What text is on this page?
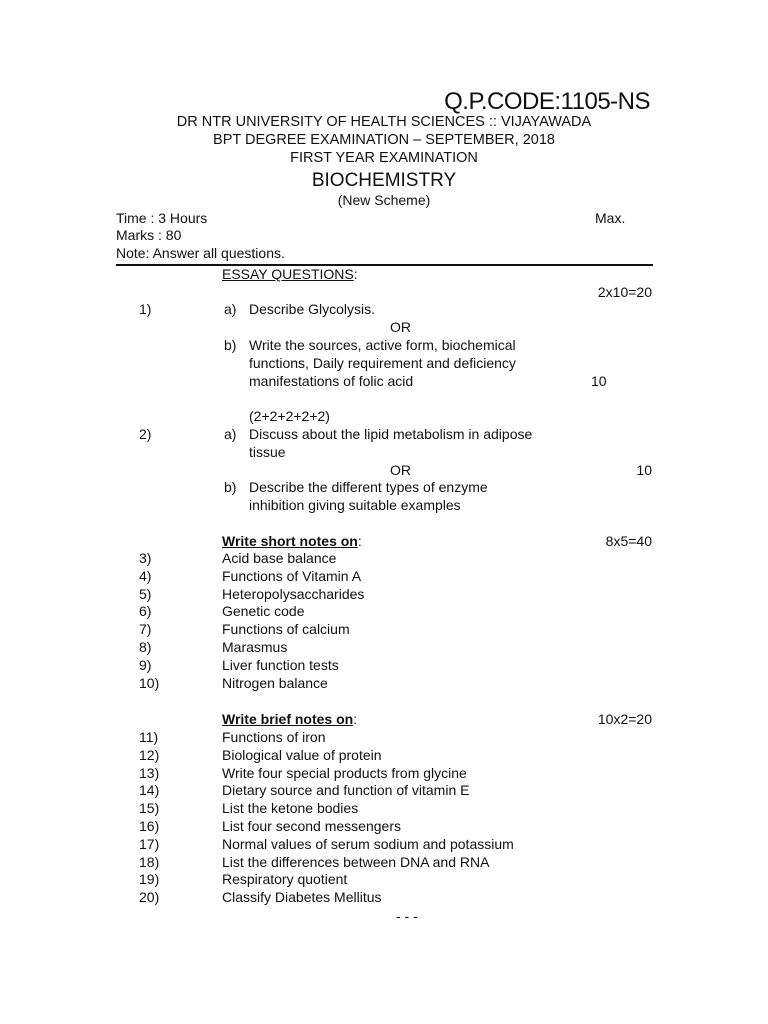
Q.P.CODE:1105-NS
DR NTR UNIVERSITY OF HEALTH SCIENCES :: VIJAYAWADA
BPT DEGREE EXAMINATION – SEPTEMBER, 2018
FIRST YEAR EXAMINATION
BIOCHEMISTRY
(New Scheme)
Time : 3 Hours	Max.
Marks : 80
Note: Answer all questions.
ESSAY QUESTIONS:
2x10=20
1)	a) Describe Glycolysis.
OR
b) Write the sources, active form, biochemical
functions, Daily requirement and deficiency
manifestations of folic acid	10
(2+2+2+2+2)
2)	a) Discuss about the lipid metabolism in adipose
tissue
OR	10
b) Describe the different types of enzyme
inhibition giving suitable examples
Write short notes on:	8x5=40
3)	Acid base balance
4)	Functions of Vitamin A
5)	Heteropolysaccharides
6)	Genetic code
7)	Functions of calcium
8)	Marasmus
9)	Liver function tests
10)	Nitrogen balance
Write brief notes on:	10x2=20
11)	Functions of iron
12)	Biological value of protein
13)	Write four special products from glycine
14)	Dietary source and function of vitamin E
15)	List the ketone bodies
16)	List four second messengers
17)	Normal values of serum sodium and potassium
18)	List the differences between DNA and RNA
19)	Respiratory quotient
20)	Classify Diabetes Mellitus
- - -
